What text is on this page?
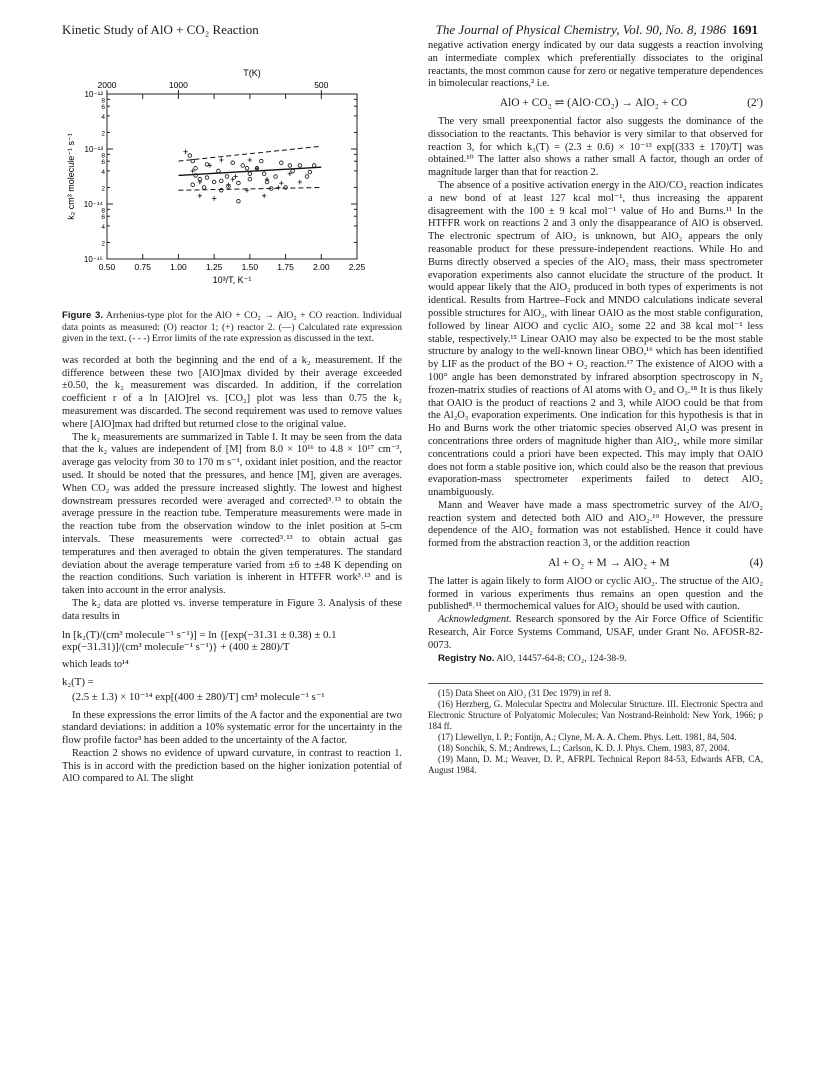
Kinetic Study of AlO + CO₂ Reaction	The Journal of Physical Chemistry, Vol. 90, No. 8, 1986 1691
0.50 0.75 1.00 1.25 1.50 1.75 2.00 2.25
10⁻¹²
10⁻¹³
10⁻¹⁴
10⁻¹⁵
2
4
6
8
2
4
6
8
2
4
6
8
2000	1000	500
T(K)
10³/T, K⁻¹
k₂ cm³ molecule⁻¹ s⁻¹
Figure 3. Arrhenius-type plot for the AlO + CO₂ → AlO₂ + CO reaction. Individual data points as measured: (O) reactor 1; (+) reactor 2. (—) Calculated rate expression given in the text. (- - -) Error limits of the rate expression as discussed in the text.

was recorded at both the beginning and the end of a k₂ measurement. If the difference between these two [AlO]max divided by their average exceeded ±0.50, the k₂ measurement was discarded. In addition, if the correlation coefficient r of a ln [AlO]rel vs. [CO₂] plot was less than 0.75 the k₂ measurement was discarded. The second requirement was used to remove values where [AlO]max had drifted but returned close to the original value.

The k₂ measurements are summarized in Table I. It may be seen from the data that the k₂ values are independent of [M] from 8.0 × 10¹⁶ to 4.8 × 10¹⁷ cm⁻³, average gas velocity from 30 to 170 m s⁻¹, oxidant inlet position, and the reactor used. It should be noted that the pressures, and hence [M], given are averages. When CO₂ was added the pressure increased slightly. The lowest and highest downstream pressures recorded were averaged and corrected³˒¹³ to obtain the average pressure in the reaction tube. Temperature measurements were made in the reaction tube from the observation window to the inlet position at 5-cm intervals. These measurements were corrected³˒¹³ to obtain actual gas temperatures and then averaged to obtain the given temperatures. The standard deviation about the average temperature varied from ±6 to ±48 K depending on the reaction conditions. Such variation is inherent in HTFFR work³˒¹³ and is taken into account in the error analysis.

The k₂ data are plotted vs. inverse temperature in Figure 3. Analysis of these data results in

ln [k₂(T)/(cm³ molecule⁻¹ s⁻¹)] = ln {[exp(−31.31 ± 0.38) ± 0.1 exp(−31.31)]/(cm³ molecule⁻¹ s⁻¹)} + (400 ± 280)/T

which leads to¹⁴

k₂(T) =
(2.5 ± 1.3) × 10⁻¹⁴ exp[(400 ± 280)/T] cm³ molecule⁻¹ s⁻¹

In these expressions the error limits of the A factor and the exponential are two standard deviations: in addition a 10% systematic error for the uncertainty in the flow profile factor³ has been added to the uncertainty of the A factor.

Reaction 2 shows no evidence of upward curvature, in contrast to reaction 1. This is in accord with the prediction based on the higher ionization potential of AlO compared to Al. The slight

negative activation energy indicated by our data suggests a reaction involving an intermediate complex which preferentially dissociates to the original reactants, the most common cause for zero or negative temperature dependences in bimolecular reactions,² i.e.

AlO + CO₂ ⇌ (AlO·CO₂) → AlO₂ + CO	(2′)

The very small preexponential factor also suggests the dominance of the dissociation to the reactants. This behavior is very similar to that observed for reaction 3, for which k₃(T) = (2.3 ± 0.6) × 10⁻¹³ exp[(333 ± 170)/T] was obtained.¹⁰ The latter also shows a rather small A factor, though an order of magnitude larger than that for reaction 2.

The absence of a positive activation energy in the AlO/CO₂ reaction indicates a new bond of at least 127 kcal mol⁻¹, thus increasing the apparent disagreement with the 100 ± 9 kcal mol⁻¹ value of Ho and Burns.¹¹ In the HTFFR work on reactions 2 and 3 only the disappearance of AlO is observed. The electronic spectrum of AlO₂ is unknown, but AlO₂ appears the only reasonable product for these pressure-independent reactions. While Ho and Burns directly observed a species of the AlO₂ mass, their mass spectrometer evaporation experiments also cannot elucidate the structure of the product. It would appear likely that the AlO₂ produced in both types of experiments is not identical. Results from Hartree–Fock and MNDO calculations indicate several possible structures for AlO₂, with linear OAlO as the most stable configuration, followed by linear AlOO and cyclic AlO₂ some 22 and 38 kcal mol⁻¹ less stable, respectively.¹⁵ Linear OAlO may also be expected to be the most stable structure by analogy to the well-known linear OBO,¹⁶ which has been identified by LIF as the product of the BO + O₂ reaction.¹⁷ The existence of AlOO with a 100° angle has been demonstrated by infrared absorption spectroscopy in N₂ frozen-matrix studies of reactions of Al atoms with O₂ and O₃.¹⁸ It is thus likely that OAlO is the product of reactions 2 and 3, while AlOO could be that from the Al₂O₃ evaporation experiments. One indication for this hypothesis is that in Ho and Burns work the other triatomic species observed Al₂O was present in concentrations three orders of magnitude higher than AlO₂, while more similar concentrations could a priori have been expected. This may imply that OAlO does not form a stable positive ion, which could also be the reason that previous evaporation-mass spectrometer experiments failed to detect AlO₂ unambiguously.

Mann and Weaver have made a mass spectrometric survey of the Al/O₂ reaction system and detected both AlO and AlO₂.¹⁹ However, the pressure dependence of the AlO₂ formation was not established. Hence it could have formed from the abstraction reaction 3, or the addition reaction

Al + O₂ + M → AlO₂ + M	(4)

The latter is again likely to form AlOO or cyclic AlO₂. The structue of the AlO₂ formed in various experiments thus remains an open question and the published⁸˒¹¹ thermochemical values for AlO₂ should be used with caution.

Acknowledgment. Research sponsored by the Air Force Office of Scientific Research, Air Force Systems Command, USAF, under Grant No. AFOSR-82-0073.

Registry No. AlO, 14457-64-8; CO₂, 124-38-9.

(15) Data Sheet on AlO₂ (31 Dec 1979) in ref 8.
(16) Herzberg, G. Molecular Spectra and Molecular Structure. III. Electronic Spectra and Electronic Structure of Polyatomic Molecules; Van Nostrand-Reinhold: New York, 1966; p 184 ff.
(17) Llewellyn, I. P.; Fontijn, A.; Clyne, M. A. A. Chem. Phys. Lett. 1981, 84, 504.
(18) Sonchik, S. M.; Andrews, L.; Carlson, K. D. J. Phys. Chem. 1983, 87, 2004.
(19) Mann, D. M.; Weaver, D. P., AFRPL Technical Report 84-53, Edwards AFB, CA, August 1984.
